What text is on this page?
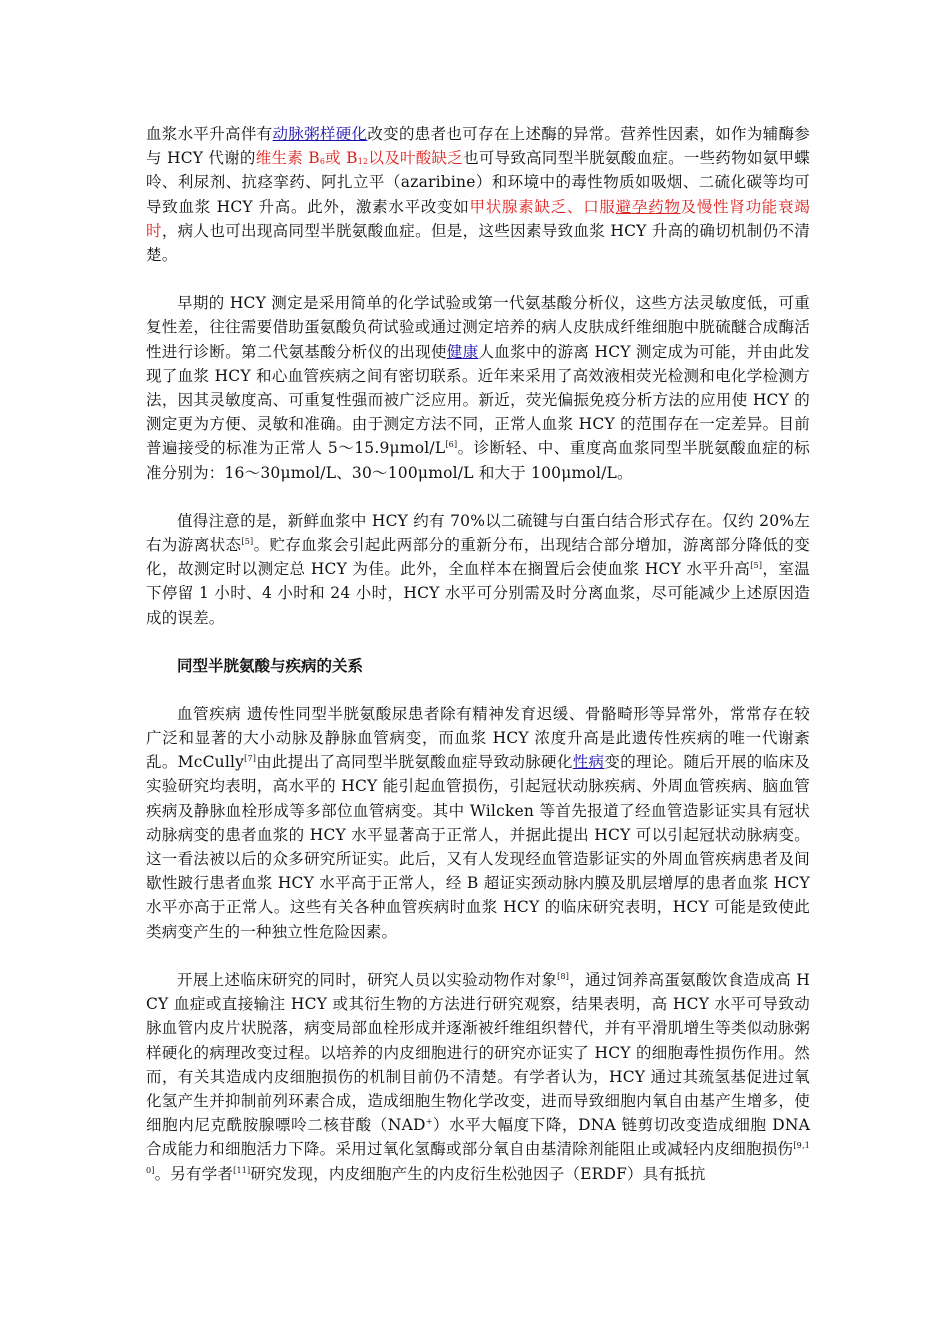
血浆水平升高伴有动脉粥样硬化改变的患者也可存在上述酶的异常。营养性因素，如作为辅酶参与 HCY 代谢的维生素 $B_6$或 $B_{12}$以及叶酸缺乏也可导致高同型半胱氨酸血症。一些药物如氨甲蝶呤、利尿剂、抗痉挛药、阿扎立平（azaribine）和环境中的毒性物质如吸烟、二硫化碳等均可导致血浆 HCY 升高。此外，激素水平改变如甲状腺素缺乏、口服避孕药物及慢性肾功能衰竭时，病人也可出现高同型半胱氨酸血症。但是，这些因素导致血浆 HCY 升高的确切机制仍不清楚。

早期的 HCY 测定是采用简单的化学试验或第一代氨基酸分析仪，这些方法灵敏度低，可重复性差，往往需要借助蛋氨酸负荷试验或通过测定培养的病人皮肤成纤维细胞中胱硫醚合成酶活性进行诊断。第二代氨基酸分析仪的出现使健康人血浆中的游离 HCY 测定成为可能，并由此发现了血浆 HCY 和心血管疾病之间有密切联系。近年来采用了高效液相荧光检测和电化学检测方法，因其灵敏度高、可重复性强而被广泛应用。新近，荧光偏振免疫分析方法的应用使 HCY 的测定更为方便、灵敏和准确。由于测定方法不同，正常人血浆 HCY 的范围存在一定差异。目前普遍接受的标准为正常人 5～15.9μmol/L[6]。诊断轻、中、重度高血浆同型半胱氨酸血症的标准分别为：16～30μmol/L、30～100μmol/L 和大于 100μmol/L。

值得注意的是，新鲜血浆中 HCY 约有 70%以二硫键与白蛋白结合形式存在。仅约 20%左右为游离状态[5]。贮存血浆会引起此两部分的重新分布，出现结合部分增加，游离部分降低的变化，故测定时以测定总 HCY 为佳。此外，全血样本在搁置后会使血浆 HCY 水平升高[5]，室温下停留 1 小时、4 小时和 24 小时，HCY 水平可分别需及时分离血浆，尽可能减少上述原因造成的误差。

同型半胱氨酸与疾病的关系

血管疾病 遗传性同型半胱氨酸尿患者除有精神发育迟缓、骨骼畸形等异常外，常常存在较广泛和显著的大小动脉及静脉血管病变，而血浆 HCY 浓度升高是此遗传性疾病的唯一代谢紊乱。McCully[7]由此提出了高同型半胱氨酸血症导致动脉硬化性病变的理论。随后开展的临床及实验研究均表明，高水平的 HCY 能引起血管损伤，引起冠状动脉疾病、外周血管疾病、脑血管疾病及静脉血栓形成等多部位血管病变。其中 Wilcken 等首先报道了经血管造影证实具有冠状动脉病变的患者血浆的 HCY 水平显著高于正常人，并据此提出 HCY 可以引起冠状动脉病变。这一看法被以后的众多研究所证实。此后，又有人发现经血管造影证实的外周血管疾病患者及间歇性跛行患者血浆 HCY 水平高于正常人，经 B 超证实颈动脉内膜及肌层增厚的患者血浆 HCY 水平亦高于正常人。这些有关各种血管疾病时血浆 HCY 的临床研究表明，HCY 可能是致使此类病变产生的一种独立性危险因素。

开展上述临床研究的同时，研究人员以实验动物作对象[8]，通过饲养高蛋氨酸饮食造成高 HCY 血症或直接输注 HCY 或其衍生物的方法进行研究观察，结果表明，高 HCY 水平可导致动脉血管内皮片状脱落，病变局部血栓形成并逐渐被纤维组织替代，并有平滑肌增生等类似动脉粥样硬化的病理改变过程。以培养的内皮细胞进行的研究亦证实了 HCY 的细胞毒性损伤作用。然而，有关其造成内皮细胞损伤的机制目前仍不清楚。有学者认为，HCY 通过其巯氢基促进过氧化氢产生并抑制前列环素合成，造成细胞生物化学改变，进而导致细胞内氧自由基产生增多，使细胞内尼克酰胺腺嘌呤二核苷酸（NAD+）水平大幅度下降，DNA 链剪切改变造成细胞 DNA 合成能力和细胞活力下降。采用过氧化氢酶或部分氧自由基清除剂能阻止或减轻内皮细胞损伤[9,10]。另有学者[11]研究发现，内皮细胞产生的内皮衍生松弛因子（ERDF）具有抵抗
